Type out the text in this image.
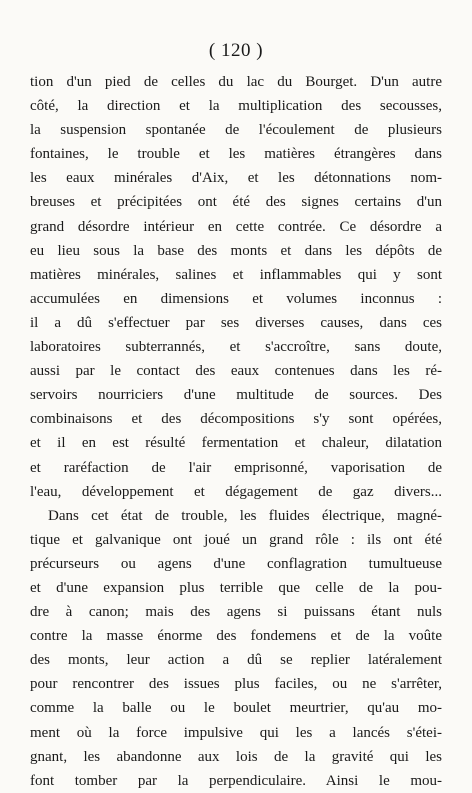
( 120 )
tion d'un pied de celles du lac du Bourget. D'un autre
côté, la direction et la multiplication des secousses,
la suspension spontanée de l'écoulement de plusieurs
fontaines, le trouble et les matières étrangères dans
les eaux minérales d'Aix, et les détonnations nom-
breuses et précipitées ont été des signes certains d'un
grand désordre intérieur en cette contrée. Ce désordre a
eu lieu sous la base des monts et dans les dépôts de
matières minérales, salines et inflammables qui y sont
accumulées en dimensions et volumes inconnus :
il a dû s'effectuer par ses diverses causes, dans ces
laboratoires subterrannés, et s'accroître, sans doute,
aussi par le contact des eaux contenues dans les ré-
servoirs nourriciers d'une multitude de sources. Des
combinaisons et des décompositions s'y sont opérées,
et il en est résulté fermentation et chaleur, dilatation
et raréfaction de l'air emprisonné, vaporisation de
l'eau, développement et dégagement de gaz divers...
Dans cet état de trouble, les fluides électrique, magné-
tique et galvanique ont joué un grand rôle : ils ont été
précurseurs ou agens d'une conflagration tumultueuse
et d'une expansion plus terrible que celle de la pou-
dre à canon; mais des agens si puissans étant nuls
contre la masse énorme des fondemens et de la voûte
des monts, leur action a dû se replier latéralement
pour rencontrer des issues plus faciles, ou ne s'arrêter,
comme la balle ou le boulet meurtrier, qu'au mo-
ment où la force impulsive qui les a lancés s'étei-
gnant, les abandonne aux lois de la gravité qui les
font tomber par la perpendiculaire. Ainsi le mou-
